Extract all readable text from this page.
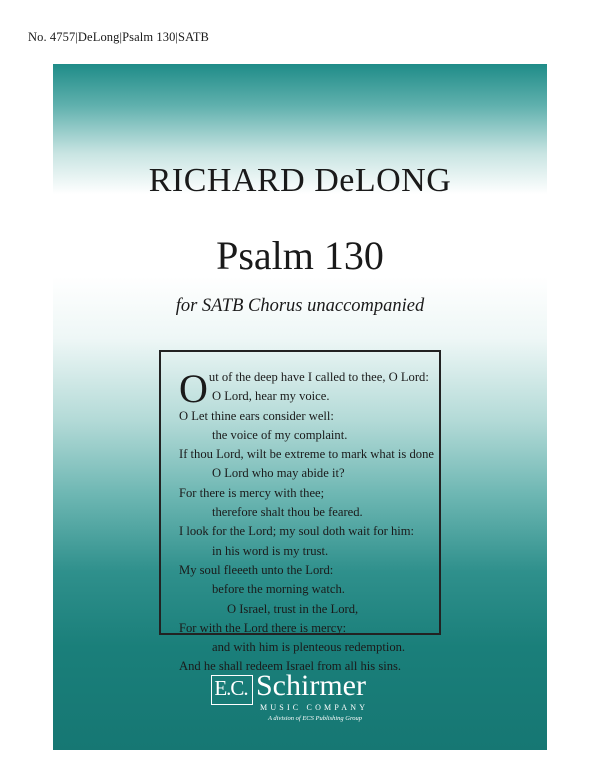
No. 4757|DeLong|Psalm 130|SATB
RICHARD DeLONG
Psalm 130
for SATB Chorus unaccompanied
Out of the deep have I called to thee, O Lord:
O Lord, hear my voice.
O Let thine ears consider well:
the voice of my complaint.
If thou Lord, wilt be extreme to mark what is done
O Lord who may abide it?
For there is mercy with thee;
therefore shalt thou be feared.
I look for the Lord; my soul doth wait for him:
in his word is my trust.
My soul fleeeth unto the Lord:
before the morning watch.
O Israel, trust in the Lord,
For with the Lord there is mercy:
and with him is plenteous redemption.
And he shall redeem Israel from all his sins.
E.C. Schirmer
MUSIC COMPANY
A division of ECS Publishing Group
